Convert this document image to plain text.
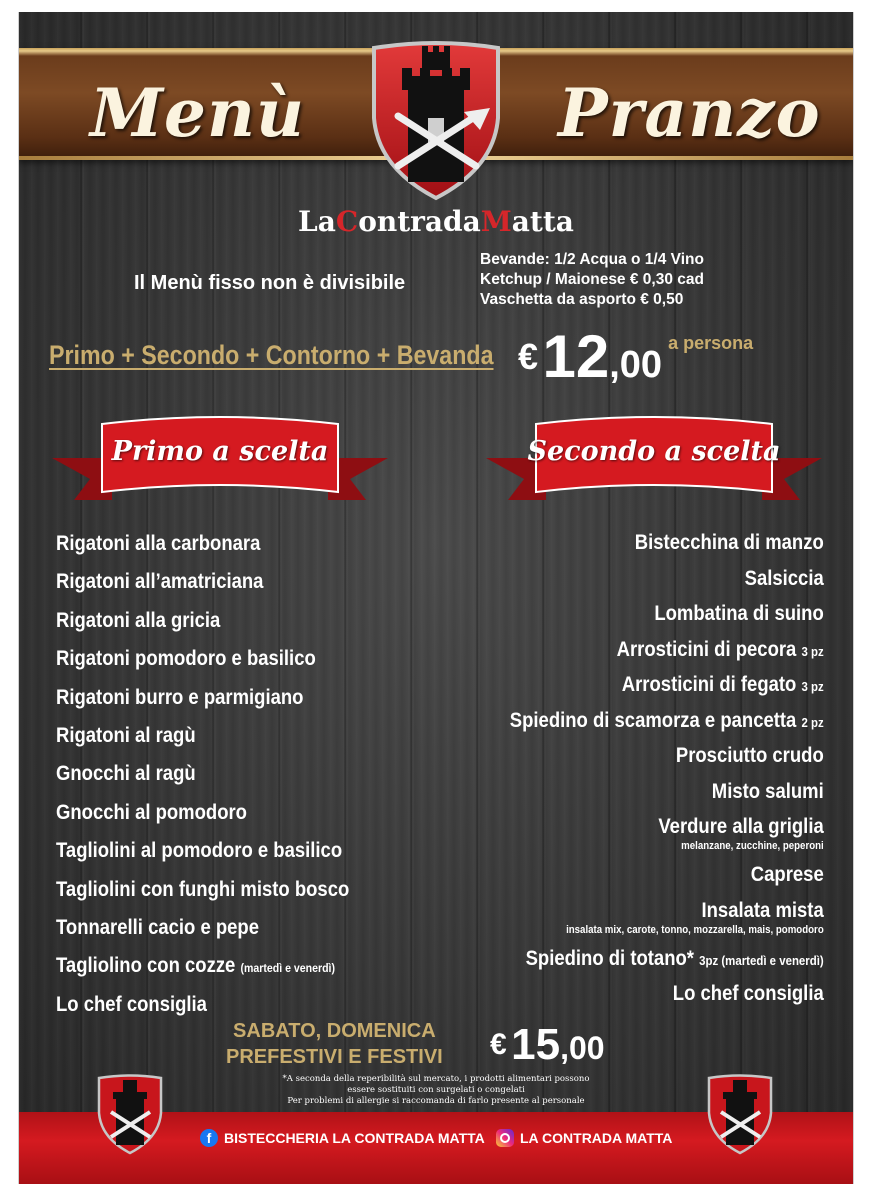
Menù	Pranzo
LaContradaMatta
Il Menù fisso non è divisibile
Bevande: 1/2 Acqua o 1/4 Vino
Ketchup / Maionese € 0,30 cad
Vaschetta da asporto € 0,50
Primo + Secondo + Contorno + Bevanda € 12,00a persona
Primo a scelta	Secondo a scelta
Rigatoni alla carbonara
Rigatoni all’amatriciana
Rigatoni alla gricia
Rigatoni pomodoro e basilico
Rigatoni burro e parmigiano
Rigatoni al ragù
Gnocchi al ragù
Gnocchi al pomodoro
Tagliolini al pomodoro e basilico
Tagliolini con funghi misto bosco
Tonnarelli cacio e pepe
Tagliolino con cozze (martedì e venerdì)
Lo chef consiglia
Bistecchina di manzo
Salsiccia
Lombatina di suino
Arrosticini di pecora 3 pz
Arrosticini di fegato 3 pz
Spiedino di scamorza e pancetta 2 pz
Prosciutto crudo
Misto salumi
Verdure alla griglia
melanzane, zucchine, peperoni
Caprese
Insalata mista
insalata mix, carote, tonno, mozzarella, mais, pomodoro
Spiedino di totano* 3pz (martedì e venerdì)
Lo chef consiglia
SABATO, DOMENICA
PREFESTIVI E FESTIVI € 15,00
*A seconda della reperibilità sul mercato, i prodotti alimentari possono
essere sostituiti con surgelati o congelati
Per problemi di allergie si raccomanda di farlo presente al personale
f BISTECCHERIA LA CONTRADA MATTA	LA CONTRADA MATTA
